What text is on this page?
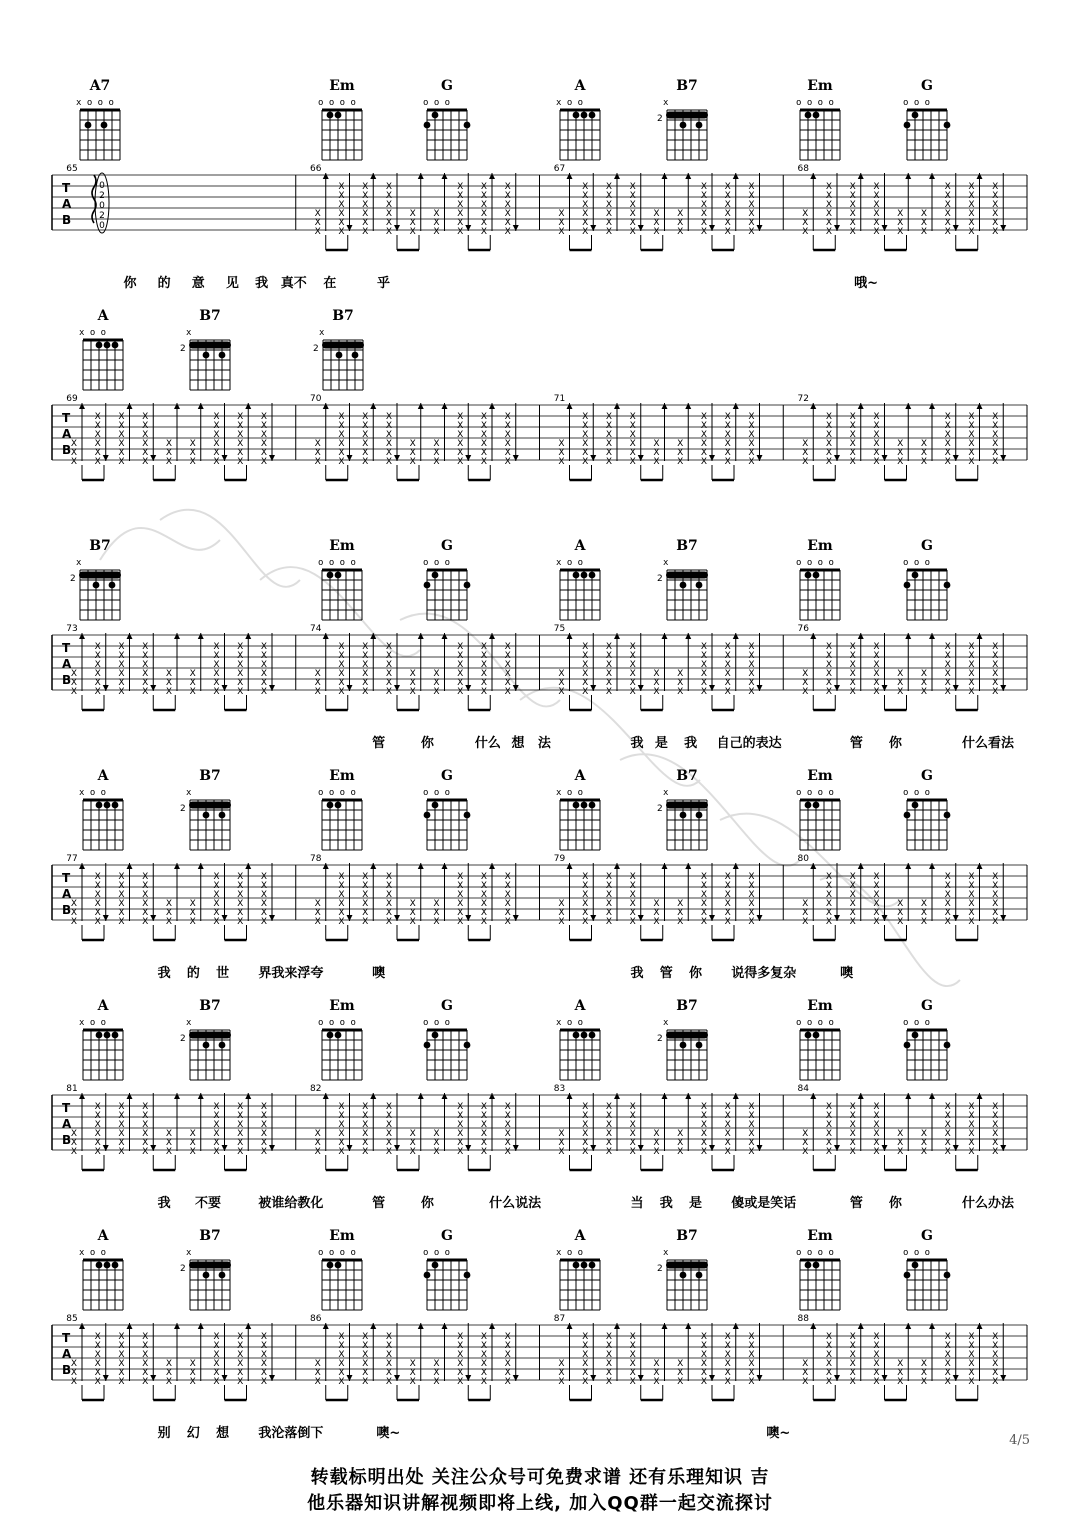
T
A
B
65
0
2
0
2
0
66
X
X
X
X
X
X
X
X
X
X
X
X
X
X
X
X
X
X
X
X
X
X
X
X
X
X
X
X
X
X
X
X
X
X
X
X
X
X
X
X
X
X
X
X
X
67
X
X
X
X
X
X
X
X
X
X
X
X
X
X
X
X
X
X
X
X
X
X
X
X
X
X
X
X
X
X
X
X
X
X
X
X
X
X
X
X
X
X
X
X
X
68
X
X
X
X
X
X
X
X
X
X
X
X
X
X
X
X
X
X
X
X
X
X
X
X
X
X
X
X
X
X
X
X
X
X
X
X
X
X
X
X
X
X
X
X
X
你 的 意 见 我 真不 在	乎	哦~
A7
x o o o
Em
o o o o
G
o o o
A
x o o
B7
x
2
Em
o o o o
G
o o o
T
A
B
69
X
X
X
X
X
X
X
X
X
X
X
X
X
X
X
X
X
X
X
X
X
X
X
X
X
X
X
X
X
X
X
X
X
X
X
X
X
X
X
X
X
X
X
X
X
70
X
X
X
X
X
X
X
X
X
X
X
X
X
X
X
X
X
X
X
X
X
X
X
X
X
X
X
X
X
X
X
X
X
X
X
X
X
X
X
X
X
X
X
X
X
71
X
X
X
X
X
X
X
X
X
X
X
X
X
X
X
X
X
X
X
X
X
X
X
X
X
X
X
X
X
X
X
X
X
X
X
X
X
X
X
X
X
X
X
X
X
72
X
X
X
X
X
X
X
X
X
X
X
X
X
X
X
X
X
X
X
X
X
X
X
X
X
X
X
X
X
X
X
X
X
X
X
X
X
X
X
X
X
X
X
X
X
A
x o o
B7
x
2
B7
x
2
T
A
B
73
X
X
X
X
X
X
X
X
X
X
X
X
X
X
X
X
X
X
X
X
X
X
X
X
X
X
X
X
X
X
X
X
X
X
X
X
X
X
X
X
X
X
X
X
X
74
X
X
X
X
X
X
X
X
X
X
X
X
X
X
X
X
X
X
X
X
X
X
X
X
X
X
X
X
X
X
X
X
X
X
X
X
X
X
X
X
X
X
X
X
X
75
X
X
X
X
X
X
X
X
X
X
X
X
X
X
X
X
X
X
X
X
X
X
X
X
X
X
X
X
X
X
X
X
X
X
X
X
X
X
X
X
X
X
X
X
X
76
X
X
X
X
X
X
X
X
X
X
X
X
X
X
X
X
X
X
X
X
X
X
X
X
X
X
X
X
X
X
X
X
X
X
X
X
X
X
X
X
X
X
X
X
X
管	你	什么 想 法	我 是 我 自己的表达	管 你	什么看法
B7
x
2
Em
o o o o
G
o o o
A
x o o
B7
x
2
Em
o o o o
G
o o o
T
A
B
77
X
X
X
X
X
X
X
X
X
X
X
X
X
X
X
X
X
X
X
X
X
X
X
X
X
X
X
X
X
X
X
X
X
X
X
X
X
X
X
X
X
X
X
X
X
78
X
X
X
X
X
X
X
X
X
X
X
X
X
X
X
X
X
X
X
X
X
X
X
X
X
X
X
X
X
X
X
X
X
X
X
X
X
X
X
X
X
X
X
X
X
79
X
X
X
X
X
X
X
X
X
X
X
X
X
X
X
X
X
X
X
X
X
X
X
X
X
X
X
X
X
X
X
X
X
X
X
X
X
X
X
X
X
X
X
X
X
80
X
X
X
X
X
X
X
X
X
X
X
X
X
X
X
X
X
X
X
X
X
X
X
X
X
X
X
X
X
X
X
X
X
X
X
X
X
X
X
X
X
X
X
X
X
我 的 世 界我来浮夸	噢	我 管 你 说得多复杂	噢
A
x o o
B7
x
2
Em
o o o o
G
o o o
A
x o o
B7
x
2
Em
o o o o
G
o o o
T
A
B
81
X
X
X
X
X
X
X
X
X
X
X
X
X
X
X
X
X
X
X
X
X
X
X
X
X
X
X
X
X
X
X
X
X
X
X
X
X
X
X
X
X
X
X
X
X
82
X
X
X
X
X
X
X
X
X
X
X
X
X
X
X
X
X
X
X
X
X
X
X
X
X
X
X
X
X
X
X
X
X
X
X
X
X
X
X
X
X
X
X
X
X
83
X
X
X
X
X
X
X
X
X
X
X
X
X
X
X
X
X
X
X
X
X
X
X
X
X
X
X
X
X
X
X
X
X
X
X
X
X
X
X
X
X
X
X
X
X
84
X
X
X
X
X
X
X
X
X
X
X
X
X
X
X
X
X
X
X
X
X
X
X
X
X
X
X
X
X
X
X
X
X
X
X
X
X
X
X
X
X
X
X
X
X
我 不要	被谁给教化	管	你	什么说法	当 我 是 傻或是笑话	管 你	什么办法
A
x o o
B7
x
2
Em
o o o o
G
o o o
A
x o o
B7
x
2
Em
o o o o
G
o o o
T
A
B
85
X
X
X
X
X
X
X
X
X
X
X
X
X
X
X
X
X
X
X
X
X
X
X
X
X
X
X
X
X
X
X
X
X
X
X
X
X
X
X
X
X
X
X
X
X
86
X
X
X
X
X
X
X
X
X
X
X
X
X
X
X
X
X
X
X
X
X
X
X
X
X
X
X
X
X
X
X
X
X
X
X
X
X
X
X
X
X
X
X
X
X
87
X
X
X
X
X
X
X
X
X
X
X
X
X
X
X
X
X
X
X
X
X
X
X
X
X
X
X
X
X
X
X
X
X
X
X
X
X
X
X
X
X
X
X
X
X
88
X
X
X
X
X
X
X
X
X
X
X
X
X
X
X
X
X
X
X
X
X
X
X
X
X
X
X
X
X
X
X
X
X
X
X
X
X
X
X
X
X
X
X
X
X
别 幻 想 我沦落倒下	噢~	噢~
A
x o o
B7
x
2
Em
o o o o
G
o o o
A
x o o
B7
x
2
Em
o o o o
G
o o o
4/5
转载标明出处 关注公众号可免费求谱 还有乐理知识 吉
他乐器知识讲解视频即将上线, 加入QQ群一起交流探讨
